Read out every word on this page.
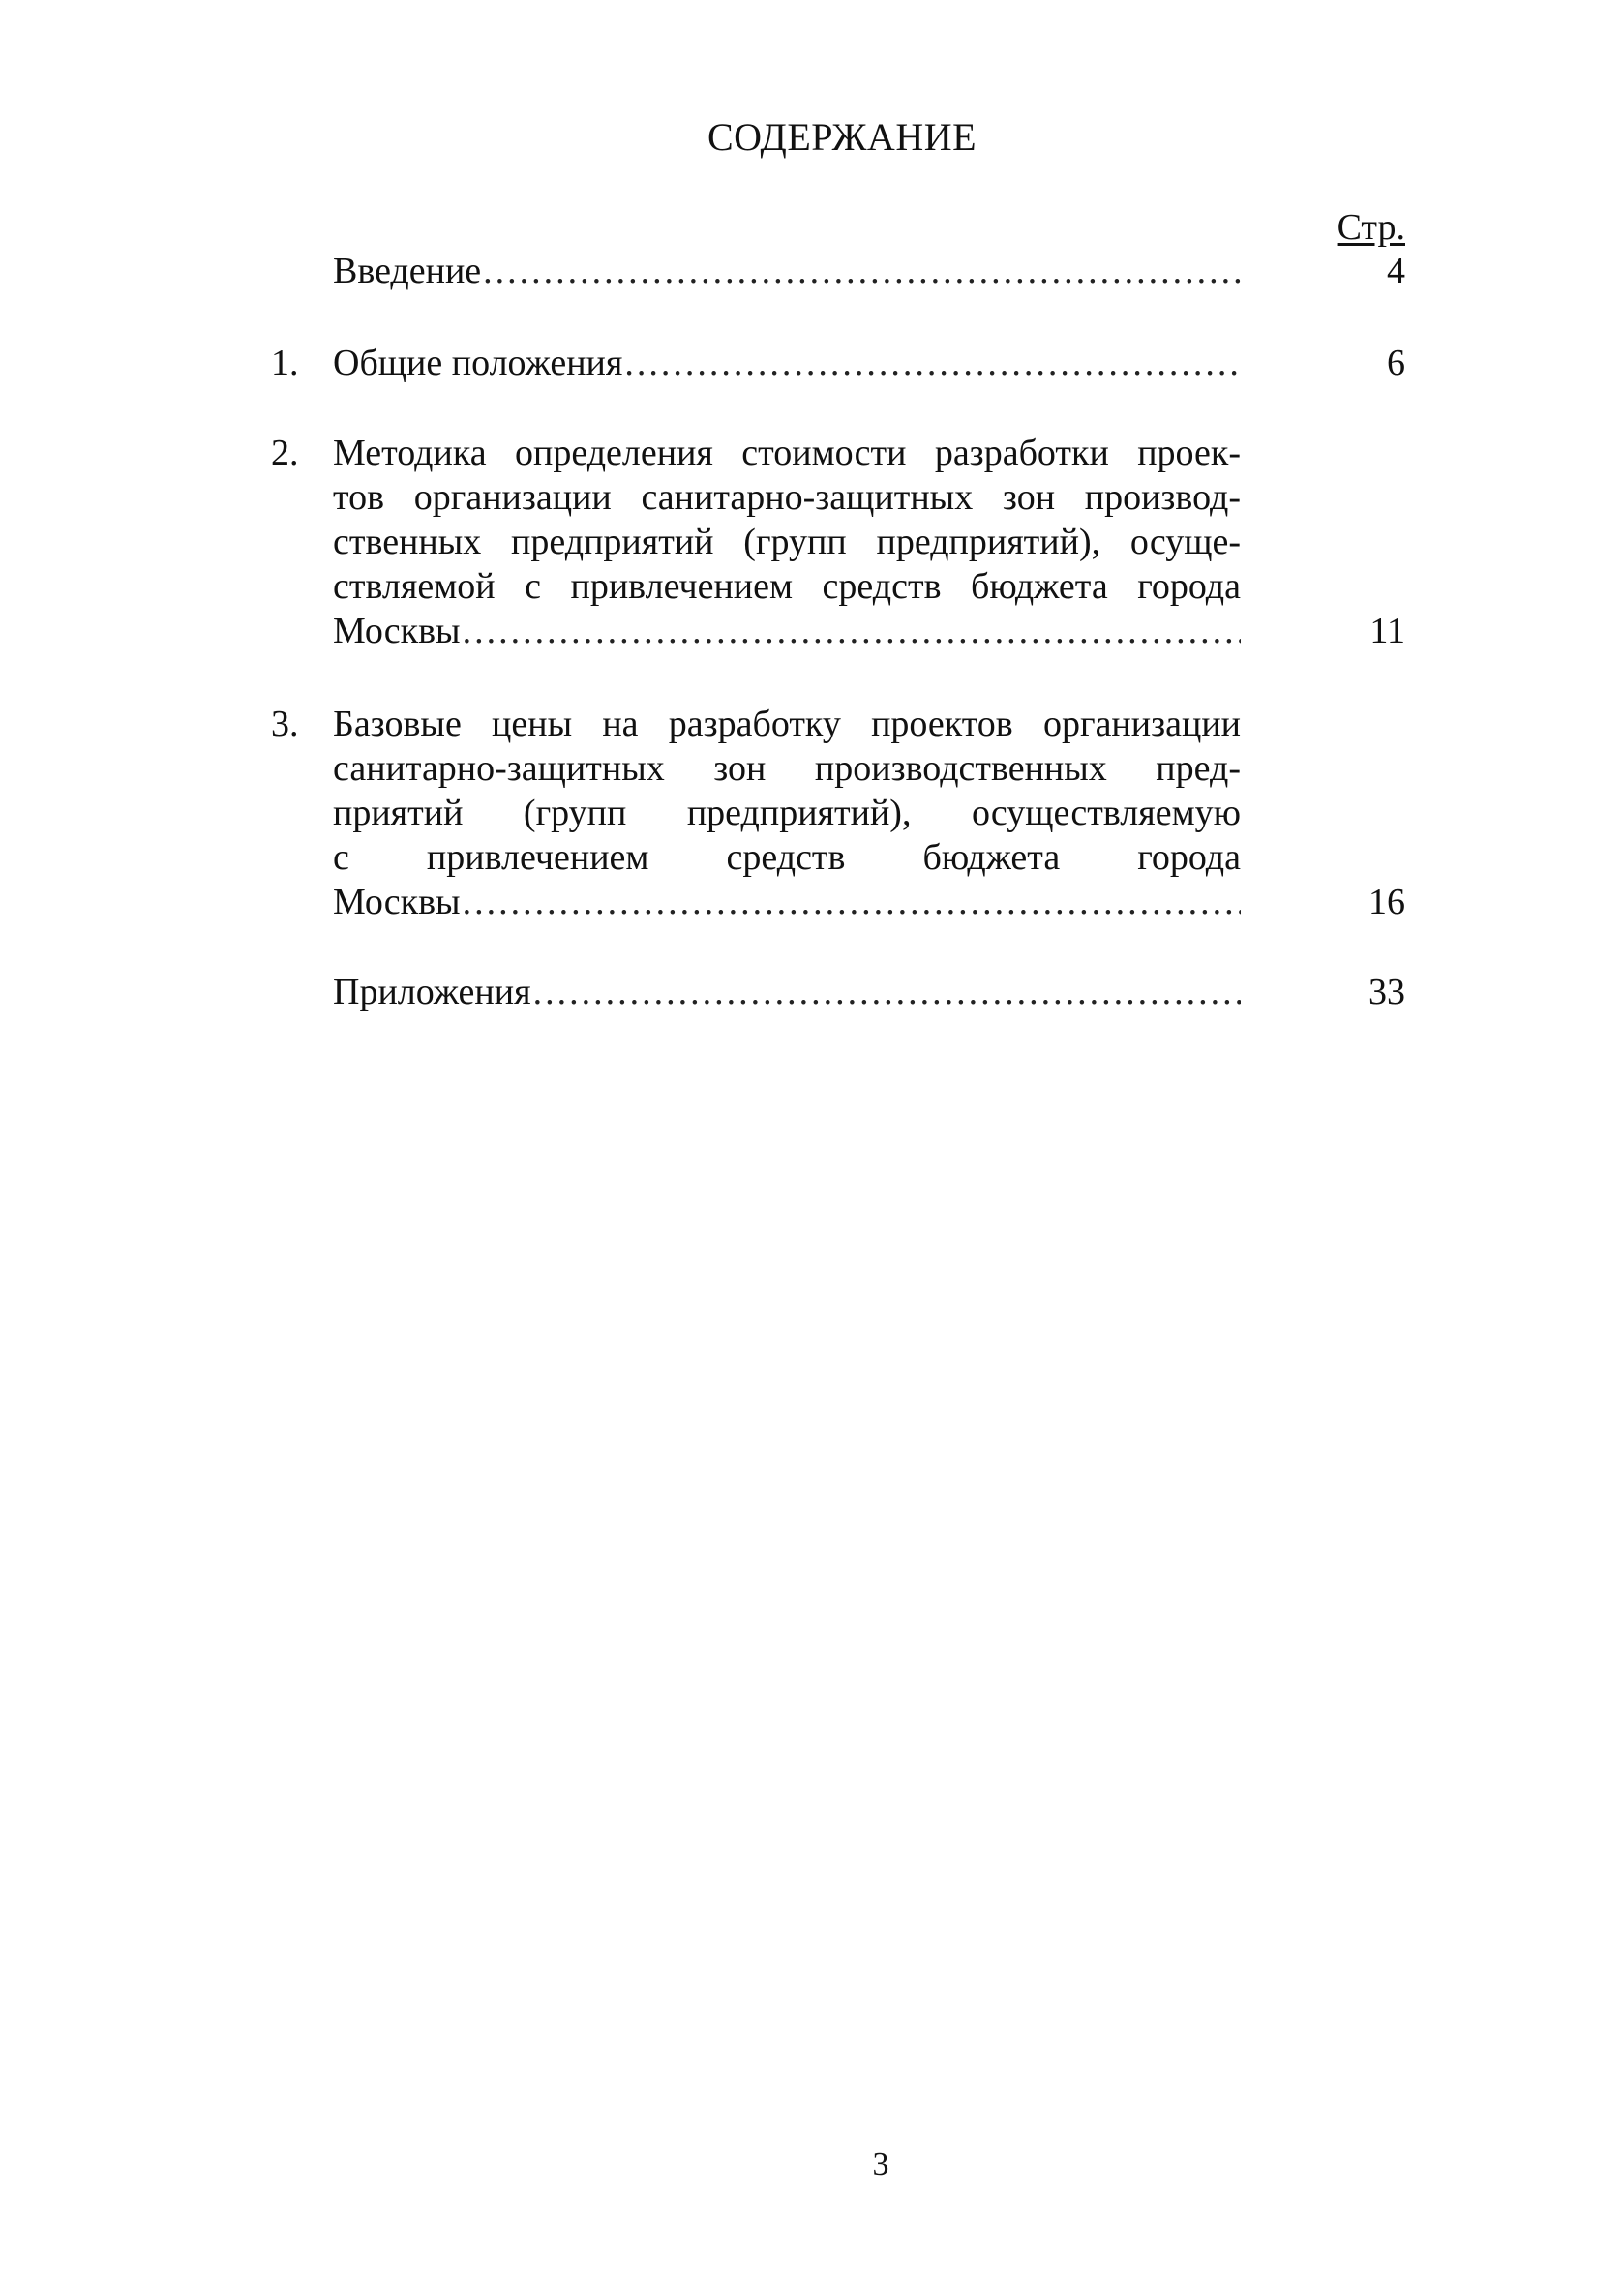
СОДЕРЖАНИЕ
Стр.
Введение .....	4
1. Общие положения .....	6
2. Методика определения стоимости разработки проек-
тов организации санитарно-защитных зон производ-
ственных предприятий (групп предприятий), осуще-
ствляемой с привлечением средств бюджета города
Москвы .....	11
3. Базовые цены на разработку проектов организации
санитарно-защитных зон производственных пред-
приятий (групп предприятий), осуществляемую
с привлечением средств бюджета города
Москвы .....	16
Приложения .....	33
3
